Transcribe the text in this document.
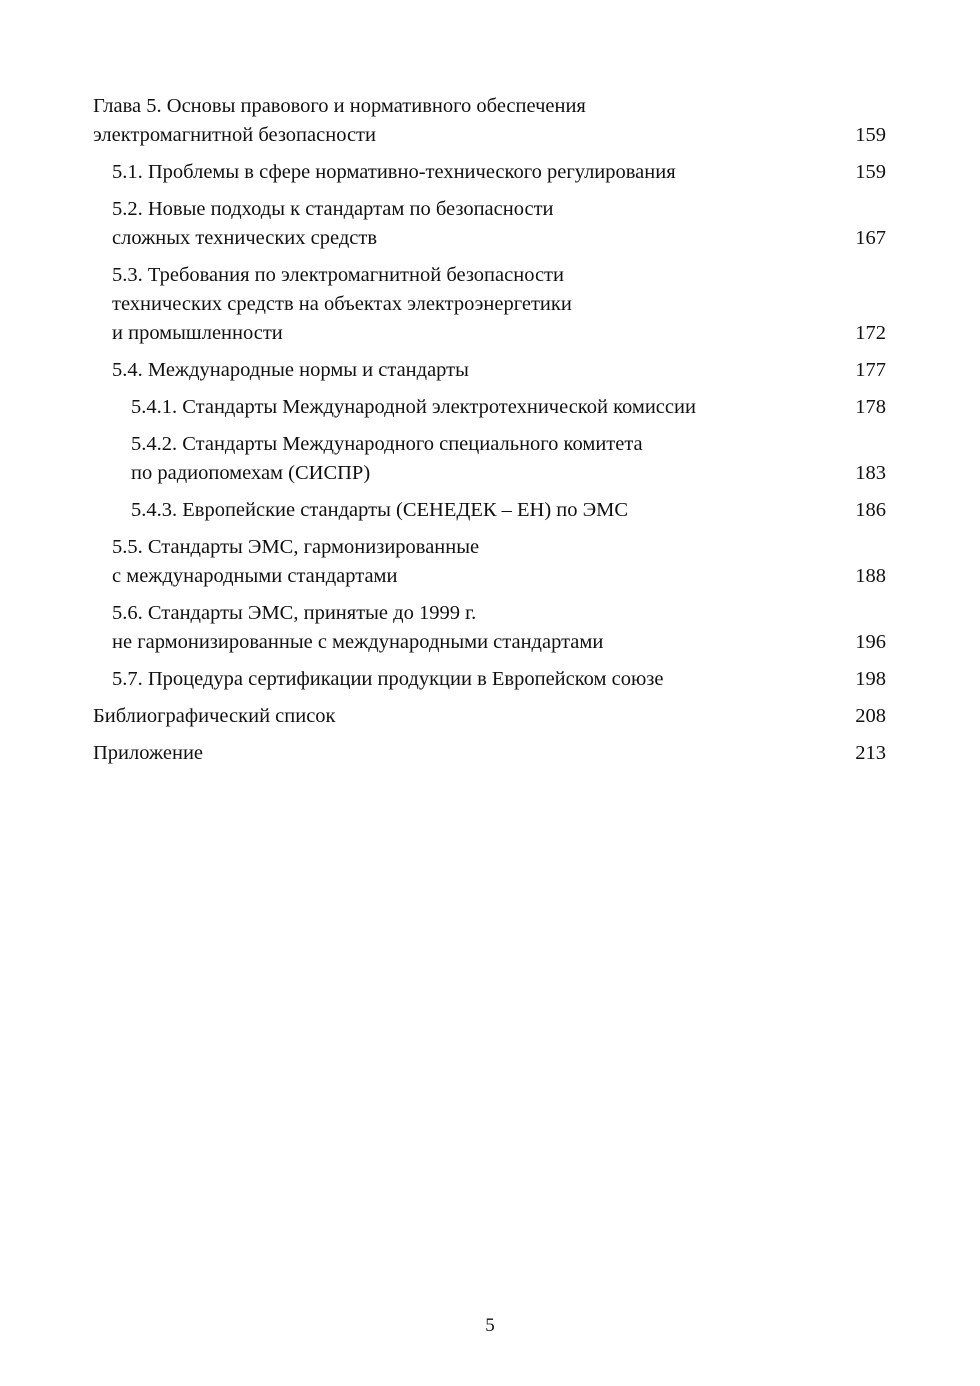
Глава 5. Основы правового и нормативного обеспечения
электромагнитной безопасности	159
5.1. Проблемы в сфере нормативно-технического регулирования	159
5.2. Новые подходы к стандартам по безопасности
сложных технических средств	167
5.3. Требования по электромагнитной безопасности
технических средств на объектах электроэнергетики
и промышленности	172
5.4. Международные нормы и стандарты	177
5.4.1. Стандарты Международной электротехнической комиссии	178
5.4.2. Стандарты Международного специального комитета
по радиопомехам (СИСПР)	183
5.4.3. Европейские стандарты (СЕНЕДЕК – ЕН) по ЭМС	186
5.5. Стандарты ЭМС, гармонизированные
с международными стандартами	188
5.6. Стандарты ЭМС, принятые до 1999 г.
не гармонизированные с международными стандартами	196
5.7. Процедура сертификации продукции в Европейском союзе	198
Библиографический список	208
Приложение	213
5
